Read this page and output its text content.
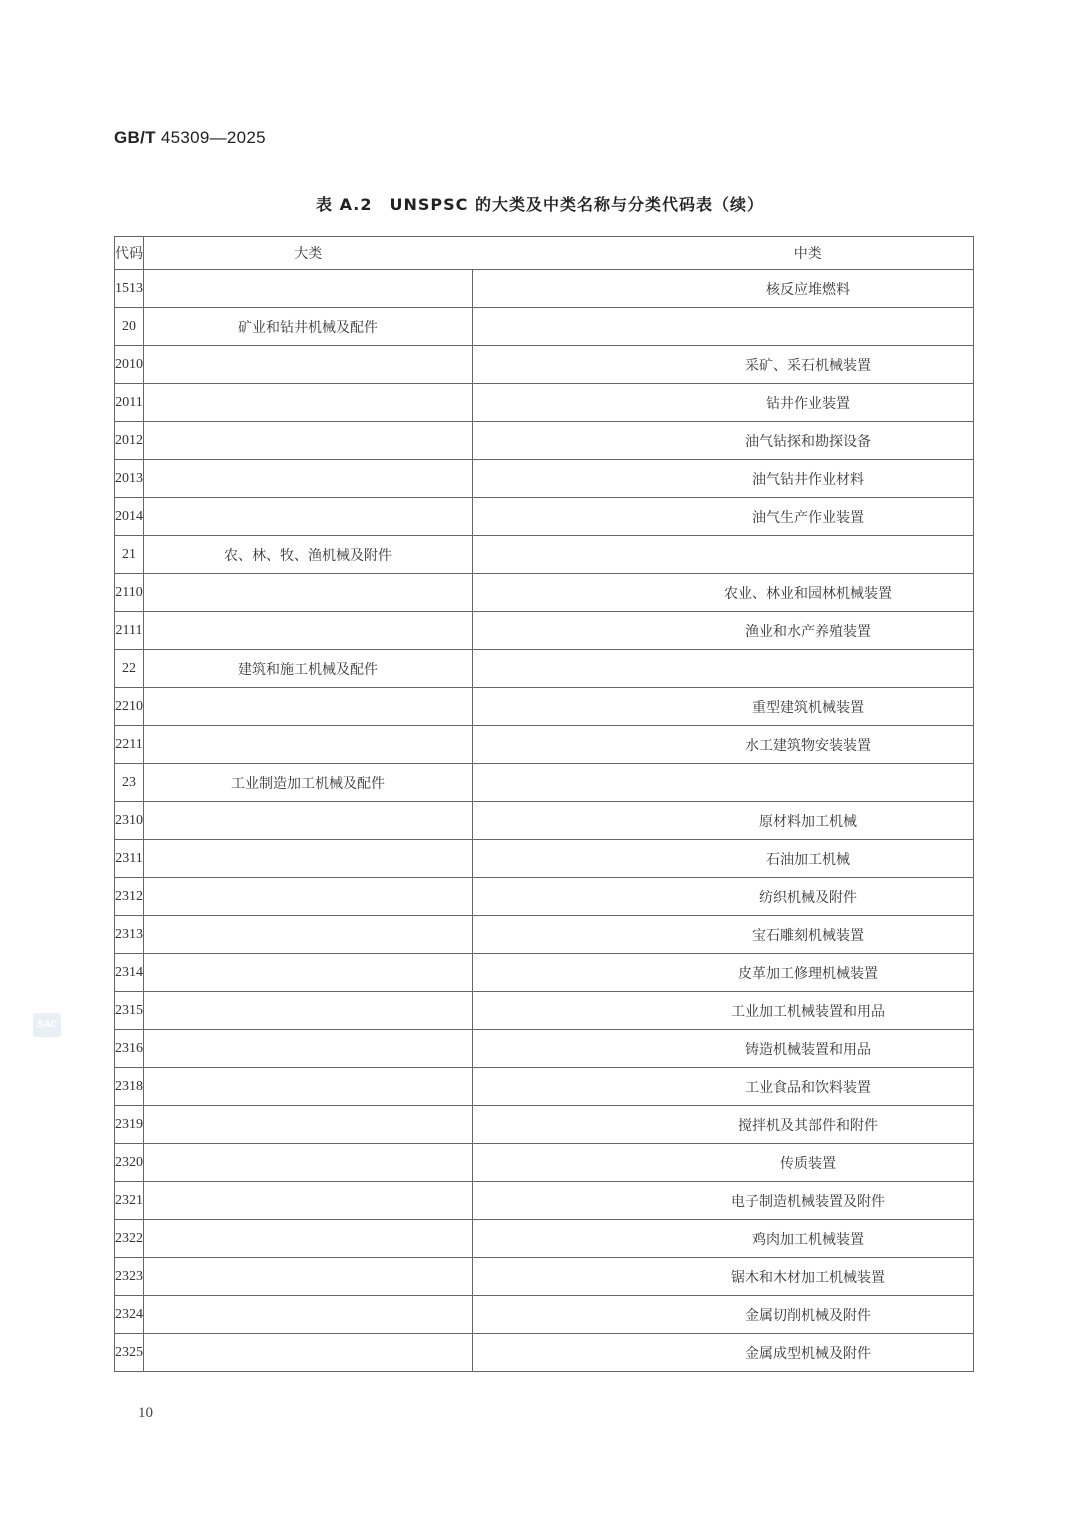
GB/T 45309—2025
表 A.2　UNSPSC 的大类及中类名称与分类代码表（续）
代码	大类	中类
1513		核反应堆燃料
20	矿业和钻井机械及配件	
2010		采矿、采石机械装置
2011		钻井作业装置
2012		油气钻探和勘探设备
2013		油气钻井作业材料
2014		油气生产作业装置
21	农、林、牧、渔机械及附件	
2110		农业、林业和园林机械装置
2111		渔业和水产养殖装置
22	建筑和施工机械及配件	
2210		重型建筑机械装置
2211		水工建筑物安装装置
23	工业制造加工机械及配件	
2310		原材料加工机械
2311		石油加工机械
2312		纺织机械及附件
2313		宝石雕刻机械装置
2314		皮革加工修理机械装置
2315		工业加工机械装置和用品
2316		铸造机械装置和用品
2318		工业食品和饮料装置
2319		搅拌机及其部件和附件
2320		传质装置
2321		电子制造机械装置及附件
2322		鸡肉加工机械装置
2323		锯木和木材加工机械装置
2324		金属切削机械及附件
2325		金属成型机械及附件
SAC
10
